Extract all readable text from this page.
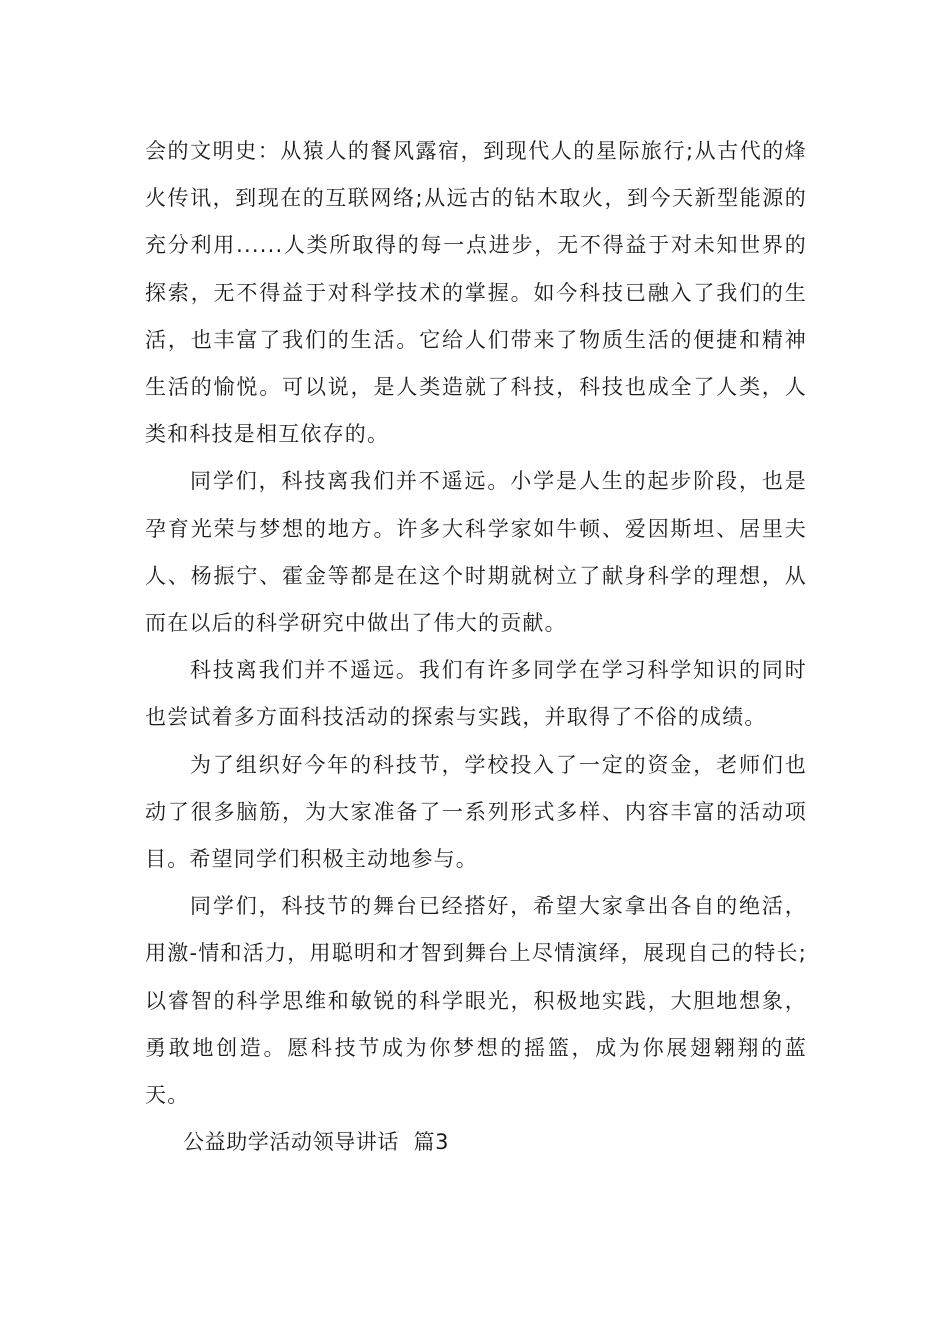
会的文明史：从猿人的餐风露宿，到现代人的星际旅行;从古代的烽火传讯，到现在的互联网络;从远古的钻木取火，到今天新型能源的充分利用......人类所取得的每一点进步，无不得益于对未知世界的探索，无不得益于对科学技术的掌握。如今科技已融入了我们的生活，也丰富了我们的生活。它给人们带来了物质生活的便捷和精神生活的愉悦。可以说，是人类造就了科技，科技也成全了人类，人类和科技是相互依存的。

同学们，科技离我们并不遥远。小学是人生的起步阶段，也是孕育光荣与梦想的地方。许多大科学家如牛顿、爱因斯坦、居里夫人、杨振宁、霍金等都是在这个时期就树立了献身科学的理想，从而在以后的科学研究中做出了伟大的贡献。

科技离我们并不遥远。我们有许多同学在学习科学知识的同时也尝试着多方面科技活动的探索与实践，并取得了不俗的成绩。

为了组织好今年的科技节，学校投入了一定的资金，老师们也动了很多脑筋，为大家准备了一系列形式多样、内容丰富的活动项目。希望同学们积极主动地参与。

同学们，科技节的舞台已经搭好，希望大家拿出各自的绝活，用激-情和活力，用聪明和才智到舞台上尽情演绎，展现自己的特长;以睿智的科学思维和敏锐的科学眼光，积极地实践，大胆地想象，勇敢地创造。愿科技节成为你梦想的摇篮，成为你展翅翱翔的蓝天。

公益助学活动领导讲话  篇3
